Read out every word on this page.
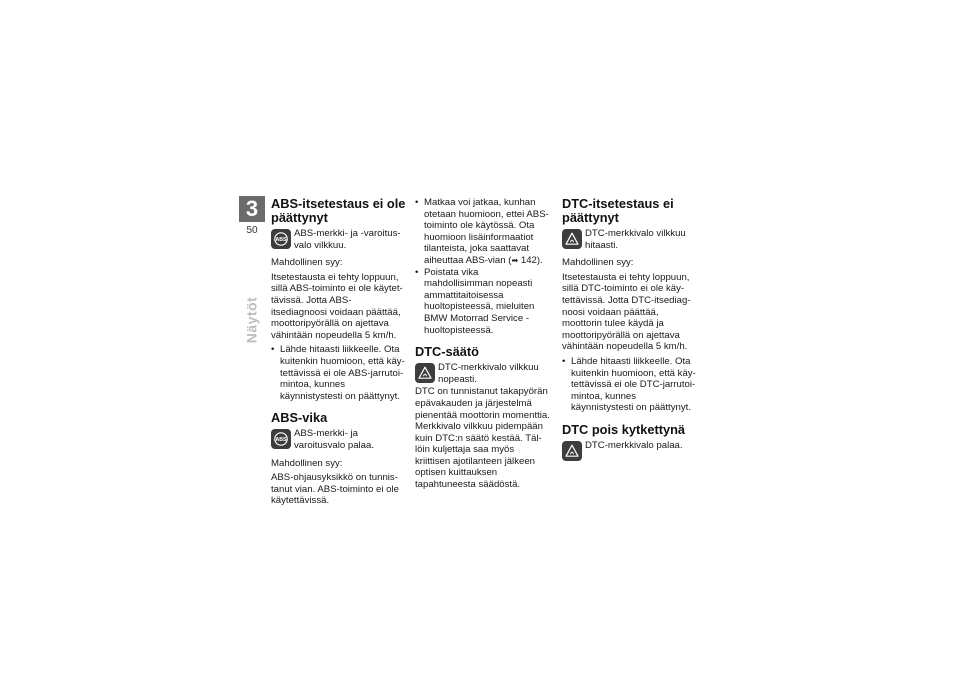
3
50
Näytöt
ABS-itsetestaus ei ole päättynyt
ABS
ABS-merkki- ja -varoitusvalo vilkkuu.

Mahdollinen syy:

Itsetestausta ei tehty loppuun, sillä ABS-toiminto ei ole käytettävissä. Jotta ABS-itsediagnoosi voidaan päättää, moottoripyörällä on ajettava vähintään nopeudella 5 km/h.

• Lähde hitaasti liikkeelle. Ota kuitenkin huomioon, että käytettävissä ei ole ABS-jarrutoimintoa, kunnes käynnistystesti on päättynyt.
ABS-vika
ABS
ABS-merkki- ja varoitusvalo palaa.

Mahdollinen syy:

ABS-ohjausyksikkö on tunnistanut vian. ABS-toiminto ei ole käytettävissä.

• Matkaa voi jatkaa, kunhan otetaan huomioon, ettei ABS-toiminto ole käytössä. Ota huomioon lisäinformaatiot tilanteista, joka saattavat aiheuttaa ABS-vian (➡ 142).
• Poistata vika mahdollisimman nopeasti ammattitaitoisessa huoltopisteessä, mieluiten BMW Motorrad Service -huoltopisteessä.
DTC-säätö
DTC-merkkivalo vilkkuu nopeasti.

DTC on tunnistanut takapyörän epävakauden ja järjestelmä pienentää moottorin momenttia. Merkkivalo vilkkuu pidempään kuin DTC:n säätö kestää. Tällöin kuljettaja saa myös kriittisen ajotilanteen jälkeen optisen kuittauksen tapahtuneesta säädöstä.

DTC-itsetestaus ei päättynyt
DTC-merkkivalo vilkkuu hitaasti.

Mahdollinen syy:

Itsetestausta ei tehty loppuun, sillä DTC-toiminto ei ole käytettävissä. Jotta DTC-itsediagnoosi voidaan päättää, moottorin tulee käydä ja moottoripyörällä on ajettava vähintään nopeudella 5 km/h.

• Lähde hitaasti liikkeelle. Ota kuitenkin huomioon, että käytettävissä ei ole DTC-jarrutoimintoa, kunnes käynnistystesti on päättynyt.
DTC pois kytkettynä
DTC-merkkivalo palaa.
